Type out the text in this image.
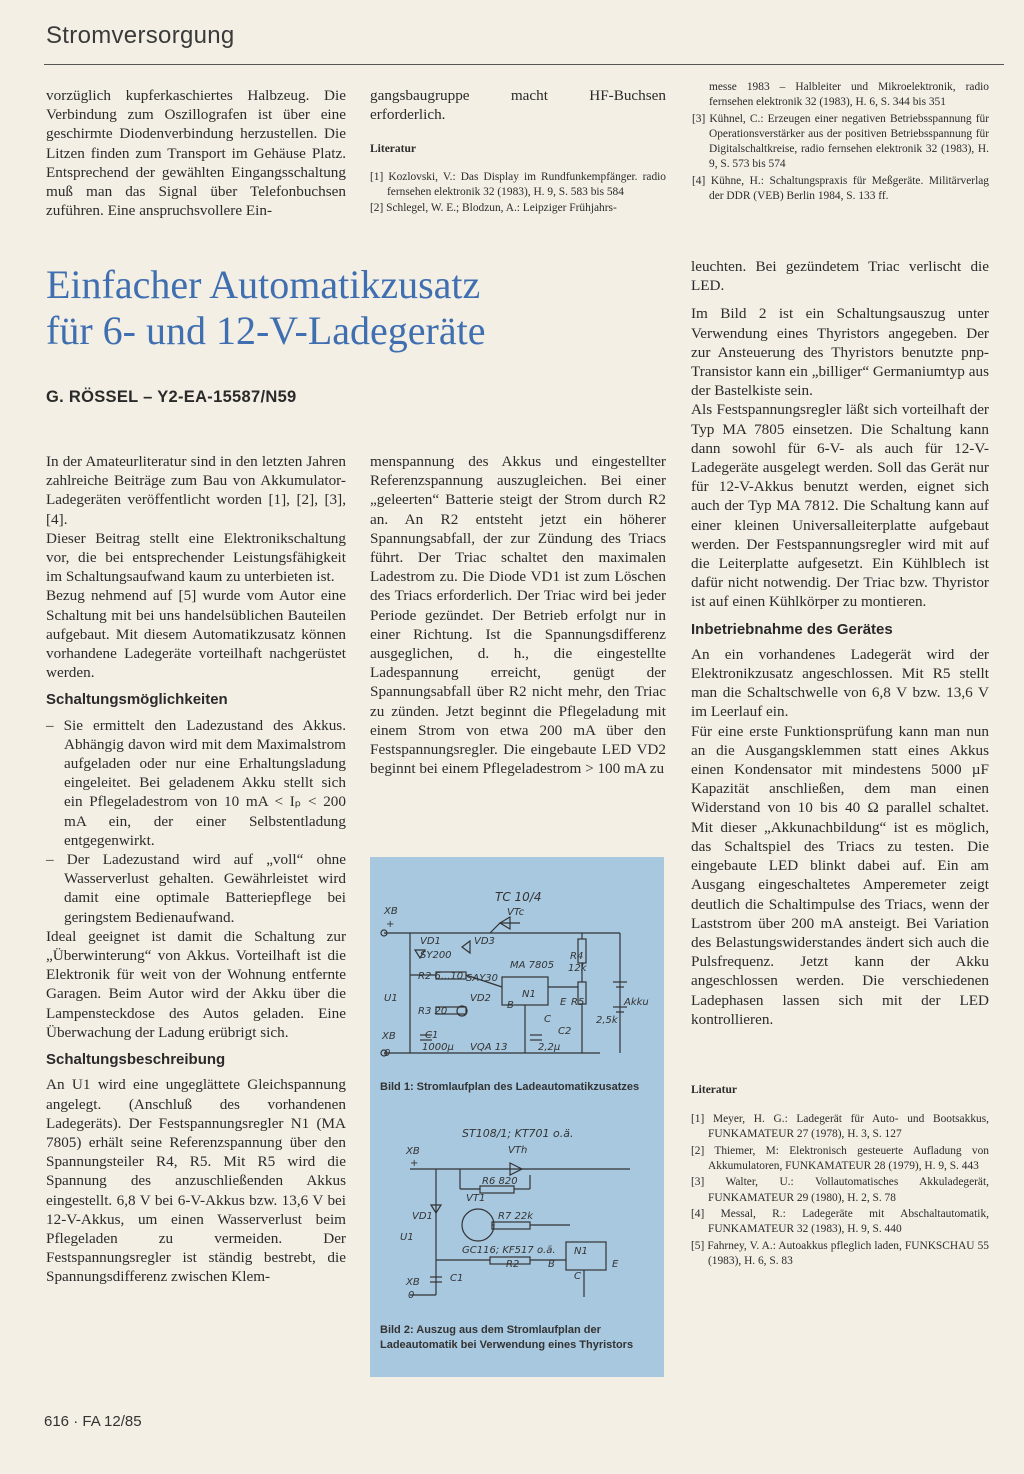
Stromversorgung

vorzüglich kupferkaschiertes Halbzeug. Die Verbindung zum Oszillografen ist über eine geschirmte Diodenverbindung herzustellen. Die Litzen finden zum Transport im Gehäuse Platz. Entsprechend der gewählten Eingangsschaltung muß man das Signal über Telefonbuchsen zuführen. Eine anspruchsvollere Ein-

gangsbaugruppe macht HF-Buchsen erforderlich.

Literatur

[1] Kozlovski, V.: Das Display im Rundfunkempfänger. radio fernsehen elektronik 32 (1983), H. 9, S. 583 bis 584

[2] Schlegel, W. E.; Blodzun, A.: Leipziger Frühjahrs-

messe 1983 – Halbleiter und Mikroelektronik, radio fernsehen elektronik 32 (1983), H. 6, S. 344 bis 351

[3] Kühnel, C.: Erzeugen einer negativen Betriebsspannung für Operationsverstärker aus der positiven Betriebsspannung für Digitalschaltkreise, radio fernsehen elektronik 32 (1983), H. 9, S. 573 bis 574

[4] Kühne, H.: Schaltungspraxis für Meßgeräte. Militärverlag der DDR (VEB) Berlin 1984, S. 133 ff.

Einfacher Automatikzusatz
für 6- und 12-V-Ladegeräte
G. RÖSSEL – Y2-EA-15587/N59

In der Amateurliteratur sind in den letzten Jahren zahlreiche Beiträge zum Bau von Akkumulator-Ladegeräten veröffentlicht worden [1], [2], [3], [4].

Dieser Beitrag stellt eine Elektronikschaltung vor, die bei entsprechender Leistungsfähigkeit im Schaltungsaufwand kaum zu unterbieten ist.

Bezug nehmend auf [5] wurde vom Autor eine Schaltung mit bei uns handelsüblichen Bauteilen aufgebaut. Mit diesem Automatikzusatz können vorhandene Ladegeräte vorteilhaft nachgerüstet werden.

Schaltungsmöglichkeiten
– Sie ermittelt den Ladezustand des Akkus. Abhängig davon wird mit dem Maximalstrom aufgeladen oder nur eine Erhaltungsladung eingeleitet. Bei geladenem Akku stellt sich ein Pflegeladestrom von 10 mA < Iₚ < 200 mA ein, der einer Selbstentladung entgegenwirkt.
– Der Ladezustand wird auf „voll“ ohne Wasserverlust gehalten. Gewährleistet wird damit eine optimale Batteriepflege bei geringstem Bedienaufwand.

Ideal geeignet ist damit die Schaltung zur „Überwinterung“ von Akkus. Vorteilhaft ist die Elektronik für weit von der Wohnung entfernte Garagen. Beim Autor wird der Akku über die Lampensteckdose des Autos geladen. Eine Überwachung der Ladung erübrigt sich.

Schaltungsbeschreibung

An U1 wird eine ungeglättete Gleichspannung angelegt. (Anschluß des vorhandenen Ladegeräts). Der Festspannungsregler N1 (MA 7805) erhält seine Referenzspannung über den Spannungsteiler R4, R5. Mit R5 wird die Spannung des anzuschließenden Akkus eingestellt. 6,8 V bei 6-V-Akkus bzw. 13,6 V bei 12-V-Akkus, um einen Wasserverlust beim Pflegeladen zu vermeiden. Der Festspannungsregler ist ständig bestrebt, die Spannungsdifferenz zwischen Klem-

menspannung des Akkus und eingestellter Referenzspannung auszugleichen. Bei einer „geleerten“ Batterie steigt der Strom durch R2 an. An R2 entsteht jetzt ein höherer Spannungsabfall, der zur Zündung des Triacs führt. Der Triac schaltet den maximalen Ladestrom zu. Die Diode VD1 ist zum Löschen des Triacs erforderlich. Der Triac wird bei jeder Periode gezündet. Der Betrieb erfolgt nur in einer Richtung. Ist die Spannungsdifferenz ausgeglichen, d. h., die eingestellte Ladespannung erreicht, genügt der Spannungsabfall über R2 nicht mehr, den Triac zu zünden. Jetzt beginnt die Pflegeladung mit einem Strom von etwa 200 mA über den Festspannungsregler. Die eingebaute LED VD2 beginnt bei einem Pflegeladestrom > 100 mA zu

leuchten. Bei gezündetem Triac verlischt die LED.

Im Bild 2 ist ein Schaltungsauszug unter Verwendung eines Thyristors angegeben. Der zur Ansteuerung des Thyristors benutzte pnp-Transistor kann ein „billiger“ Germaniumtyp aus der Bastelkiste sein.

Als Festspannungsregler läßt sich vorteilhaft der Typ MA 7805 einsetzen. Die Schaltung kann dann sowohl für 6-V- als auch für 12-V-Ladegeräte ausgelegt werden. Soll das Gerät nur für 12-V-Akkus benutzt werden, eignet sich auch der Typ MA 7812. Die Schaltung kann auf einer kleinen Universalleiterplatte aufgebaut werden. Der Festspannungsregler wird mit auf die Leiterplatte aufgesetzt. Ein Kühlblech ist dafür nicht notwendig. Der Triac bzw. Thyristor ist auf einen Kühlkörper zu montieren.

Inbetriebnahme des Gerätes

An ein vorhandenes Ladegerät wird der Elektronikzusatz angeschlossen. Mit R5 stellt man die Schaltschwelle von 6,8 V bzw. 13,6 V im Leerlauf ein.

Für eine erste Funktionsprüfung kann man nun an die Ausgangsklemmen statt eines Akkus einen Kondensator mit mindestens 5000 µF Kapazität anschließen, dem man einen Widerstand von 10 bis 40 Ω parallel schaltet. Mit dieser „Akkunachbildung“ ist es möglich, das Schaltspiel des Triacs zu testen. Die eingebaute LED blinkt dabei auf. Ein am Ausgang eingeschaltetes Amperemeter zeigt deutlich die Schaltimpulse des Triacs, wenn der Laststrom über 200 mA ansteigt. Bei Variation des Belastungswiderstandes ändert sich auch die Pulsfrequenz. Jetzt kann der Akku angeschlossen werden. Die verschiedenen Ladephasen lassen sich mit der LED kontrollieren.

Literatur

[1] Meyer, H. G.: Ladegerät für Auto- und Bootsakkus, FUNKAMATEUR 27 (1978), H. 3, S. 127

[2] Thiemer, M: Elektronisch gesteuerte Aufladung von Akkumulatoren, FUNKAMATEUR 28 (1979), H. 9, S. 443

[3] Walter, U.: Vollautomatisches Akkuladegerät, FUNKAMATEUR 29 (1980), H. 2, S. 78

[4] Messal, R.: Ladegeräte mit Abschaltautomatik, FUNKAMATEUR 32 (1983), H. 9, S. 440

[5] Fahrney, V. A.: Autoakkus pfleglich laden, FUNKSCHAU 55 (1983), H. 6, S. 83

TC 10/4
VTc
XB
+
VD1	VD3
SY200	R4
12k
R2 6...10 SAY30
MA 7805
N1
U1
R3 20
VD2
B	E R5
2,5k
Akku
C
C2
XB	C1
1000µ VQA 13	2,2µ
0
ST108/1; KT701 o.ä.
XB
+
VTh
R6 820
VT1
VD1	R7 22k
U1
GC116; KF517 o.ä. N1
R2	B	E
C
XB	C1
0
Bild 1: Stromlaufplan des Ladeautomatikzusatzes
Bild 2: Auszug aus dem Stromlaufplan der Ladeautomatik bei Verwendung eines Thyristors
616 · FA 12/85
